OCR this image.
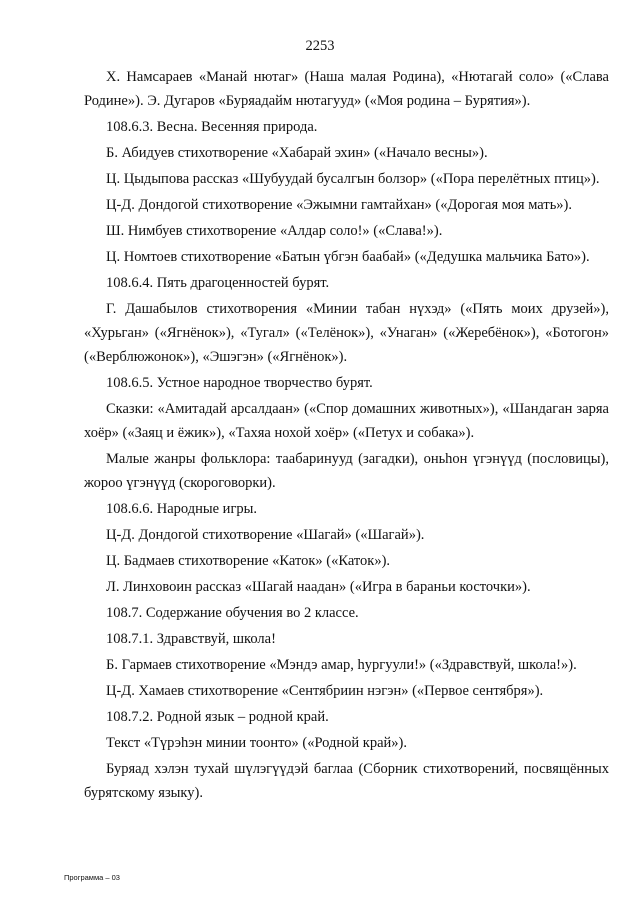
2253

Х. Намсараев «Манай нютаг» (Наша малая Родина), «Нютагай соло» («Слава Родине»). Э. Дугаров «Буряадайм нютагууд» («Моя родина – Бурятия»).

108.6.3. Весна. Весенняя природа.

Б. Абидуев стихотворение «Хабарай эхин» («Начало весны»).

Ц. Цыдыпова рассказ «Шубуудай бусалгын болзор» («Пора перелётных птиц»).

Ц-Д. Дондогой стихотворение «Эжымни гамтайхан» («Дорогая моя мать»).

Ш. Нимбуев стихотворение «Алдар соло!» («Слава!»).

Ц. Номтоев стихотворение «Батын үбгэн баабай» («Дедушка мальчика Бато»).

108.6.4. Пять драгоценностей бурят.

Г. Дашабылов стихотворения «Минии табан нүхэд» («Пять моих друзей»), «Хурьган» («Ягнёнок»), «Тугал» («Телёнок»), «Унаган» («Жеребёнок»), «Ботогон» («Верблюжонок»), «Эшэгэн» («Ягнёнок»).

108.6.5. Устное народное творчество бурят.

Сказки: «Амитадай арсалдаан» («Спор домашних животных»), «Шандаган заряа хоёр» («Заяц и ёжик»), «Тахяа нохой хоёр» («Петух и собака»).

Малые жанры фольклора: таабаринууд (загадки), оньhон үгэнүүд (пословицы), жороо үгэнүүд (скороговорки).

108.6.6. Народные игры.

Ц-Д. Дондогой стихотворение «Шагай» («Шагай»).

Ц. Бадмаев стихотворение «Каток» («Каток»).

Л. Линховоин рассказ «Шагай наадан» («Игра в бараньи косточки»).

108.7. Содержание обучения во 2 классе.

108.7.1. Здравствуй, школа!

Б. Гармаев стихотворение «Мэндэ амар, hургуули!» («Здравствуй, школа!»).

Ц-Д. Хамаев стихотворение «Сентябриин нэгэн» («Первое сентября»).

108.7.2. Родной язык – родной край.

Текст «Түрэhэн минии тоонто» («Родной край»).

Буряад хэлэн тухай шүлэгүүдэй баглаа (Сборник стихотворений, посвящённых бурятскому языку).

Программа – 03
